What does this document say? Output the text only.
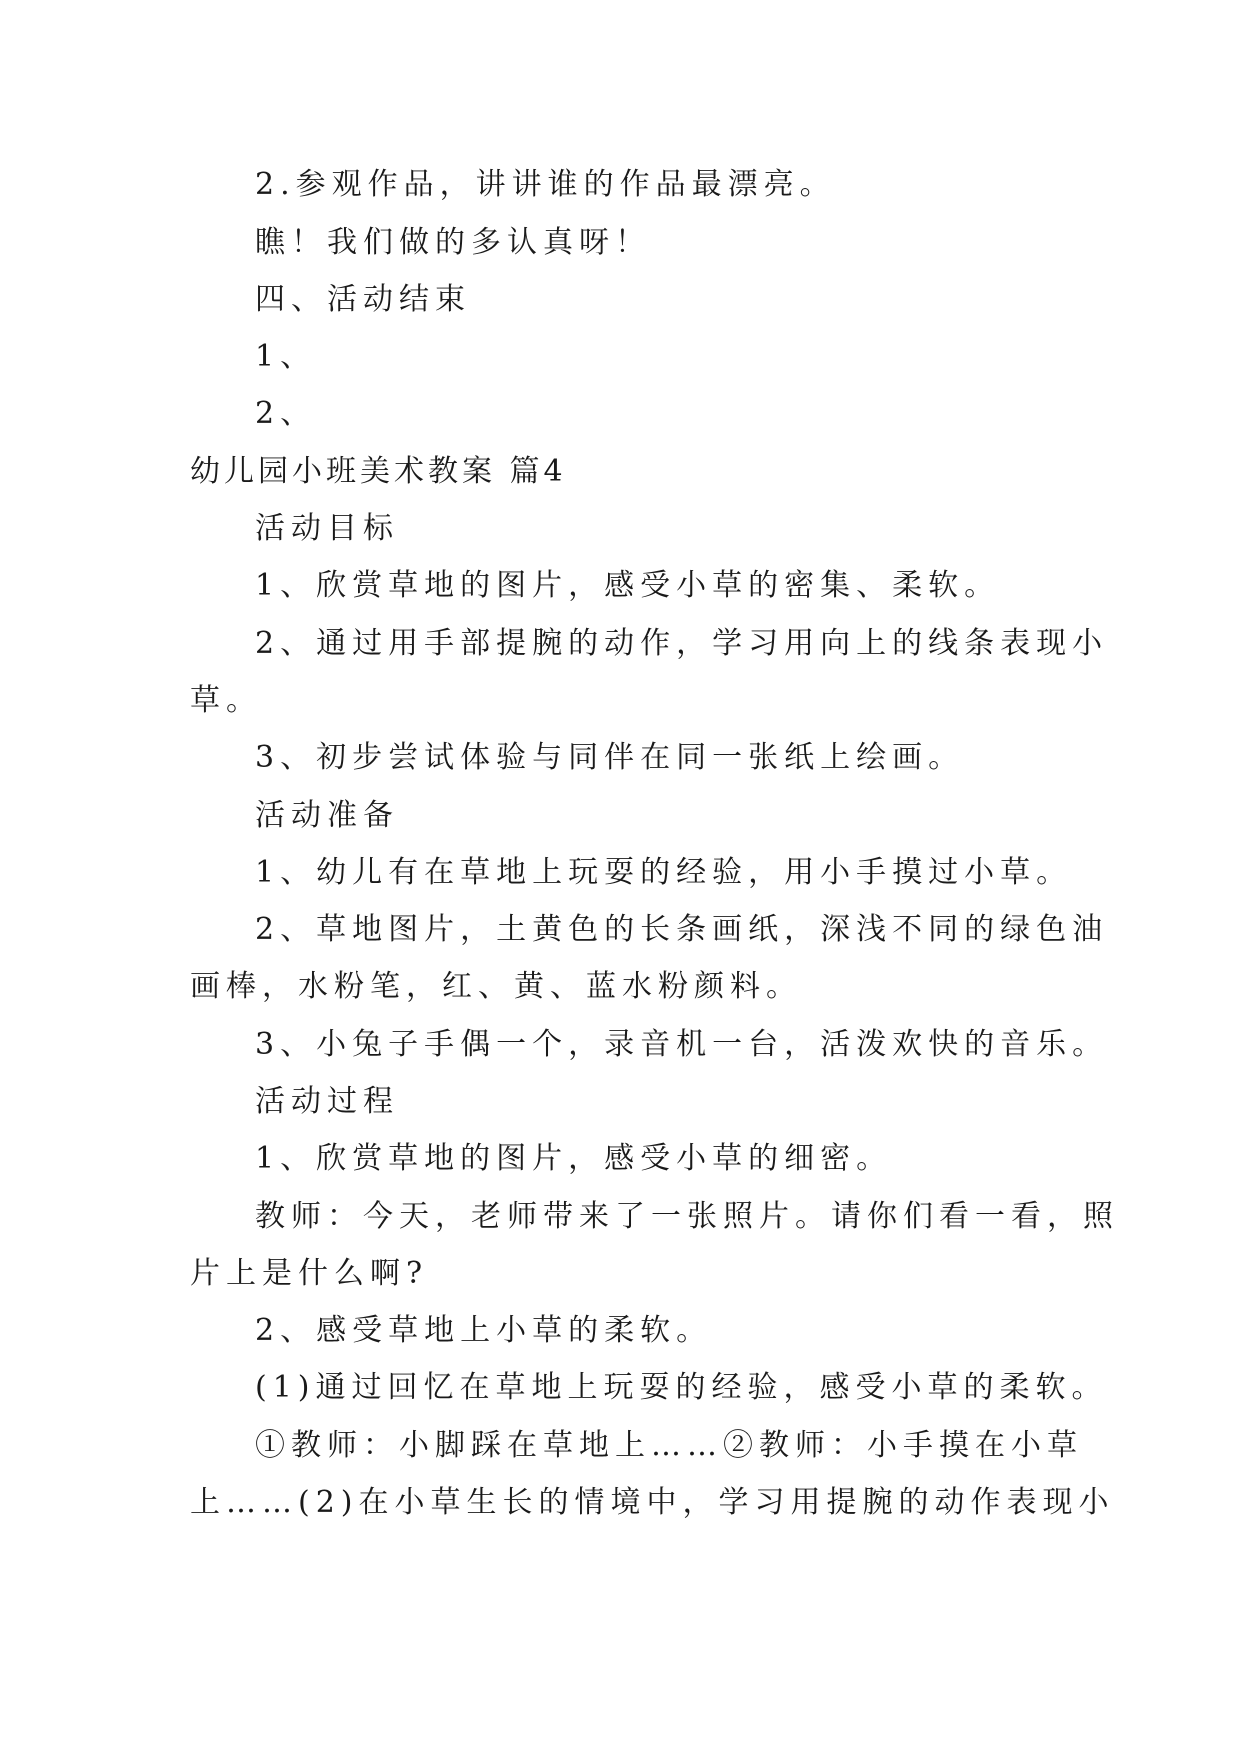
2.参观作品，讲讲谁的作品最漂亮。
瞧！我们做的多认真呀！
四、活动结束
1、
2、
幼儿园小班美术教案 篇4
活动目标
1、欣赏草地的图片，感受小草的密集、柔软。
2、通过用手部提腕的动作，学习用向上的线条表现小
草。
3、初步尝试体验与同伴在同一张纸上绘画。
活动准备
1、幼儿有在草地上玩耍的经验，用小手摸过小草。
2、草地图片，土黄色的长条画纸，深浅不同的绿色油
画棒，水粉笔，红、黄、蓝水粉颜料。
3、小兔子手偶一个，录音机一台，活泼欢快的音乐。
活动过程
1、欣赏草地的图片，感受小草的细密。
教师：今天，老师带来了一张照片。请你们看一看，照
片上是什么啊?
2、感受草地上小草的柔软。
(1)通过回忆在草地上玩耍的经验，感受小草的柔软。
①教师：小脚踩在草地上……②教师：小手摸在小草
上……(2)在小草生长的情境中，学习用提腕的动作表现小
